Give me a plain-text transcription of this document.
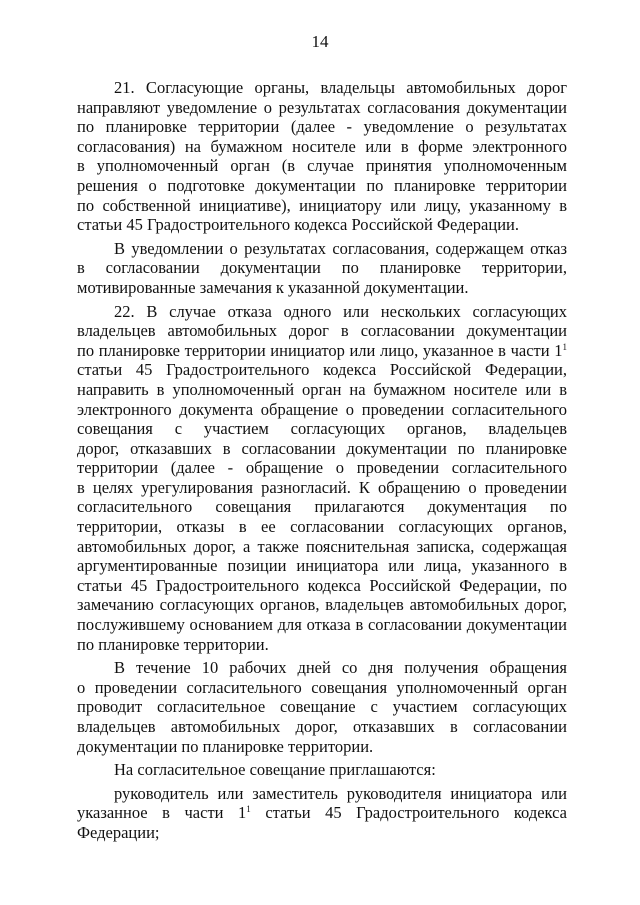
14
21. Согласующие органы, владельцы автомобильных дорог
направляют уведомление о результатах согласования документации
по планировке территории (далее - уведомление о результатах
согласования) на бумажном носителе или в форме электронного
в уполномоченный орган (в случае принятия уполномоченным
решения о подготовке документации по планировке территории
по собственной инициативе), инициатору или лицу, указанному в
статьи 45 Градостроительного кодекса Российской Федерации.
В уведомлении о результатах согласования, содержащем отказ
в согласовании документации по планировке территории,
мотивированные замечания к указанной документации.
22. В случае отказа одного или нескольких согласующих
владельцев автомобильных дорог в согласовании документации
по планировке территории инициатор или лицо, указанное в части $1^1$
статьи 45 Градостроительного кодекса Российской Федерации,
направить в уполномоченный орган на бумажном носителе или в
электронного документа обращение о проведении согласительного
совещания с участием согласующих органов, владельцев
дорог, отказавших в согласовании документации по планировке
территории (далее - обращение о проведении согласительного
в целях урегулирования разногласий. К обращению о проведении
согласительного совещания прилагаются документация по
территории, отказы в ее согласовании согласующих органов,
автомобильных дорог, а также пояснительная записка, содержащая
аргументированные позиции инициатора или лица, указанного в
статьи 45 Градостроительного кодекса Российской Федерации, по
замечанию согласующих органов, владельцев автомобильных дорог,
послужившему основанием для отказа в согласовании документации
по планировке территории.
В течение 10 рабочих дней со дня получения обращения
о проведении согласительного совещания уполномоченный орган
проводит согласительное совещание с участием согласующих
владельцев автомобильных дорог, отказавших в согласовании
документации по планировке территории.
На согласительное совещание приглашаются:
руководитель или заместитель руководителя инициатора или
указанное в части $1^1$ статьи 45 Градостроительного кодекса
Федерации;
